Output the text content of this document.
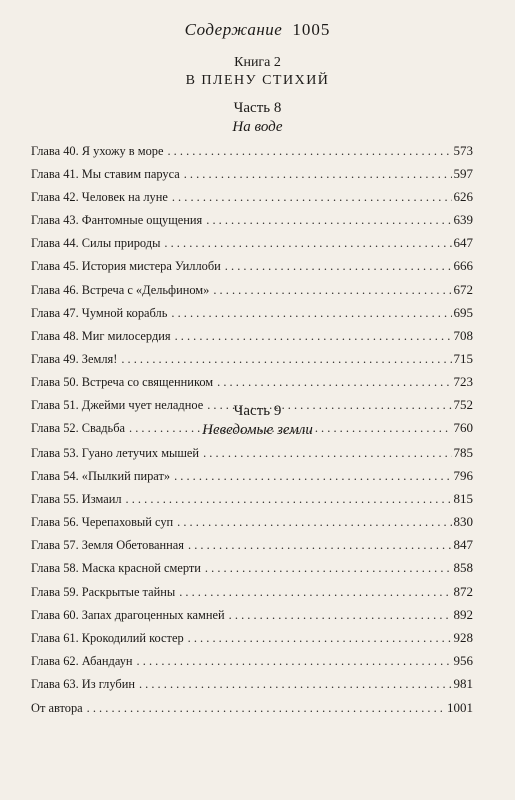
Содержание 1005
Книга 2
В ПЛЕНУ СТИХИЙ
Часть 8
На воде
Глава 40. Я ухожу в море . . .	573
Глава 41. Мы ставим паруса . . .	597
Глава 42. Человек на луне . . .	626
Глава 43. Фантомные ощущения . . .	639
Глава 44. Силы природы . . .	647
Глава 45. История мистера Уиллоби . . .	666
Глава 46. Встреча с «Дельфином» . . .	672
Глава 47. Чумной корабль . . .	695
Глава 48. Миг милосердия . . .	708
Глава 49. Земля! . . .	715
Глава 50. Встреча со священником . . .	723
Глава 51. Джейми чует неладное . . .	752
Глава 52. Свадьба . . .	760
Часть 9
Неведомые земли
Глава 53. Гуано летучих мышей . . .	785
Глава 54. «Пылкий пират» . . .	796
Глава 55. Измаил . . .	815
Глава 56. Черепаховый суп . . .	830
Глава 57. Земля Обетованная . . .	847
Глава 58. Маска красной смерти . . .	858
Глава 59. Раскрытые тайны . . .	872
Глава 60. Запах драгоценных камней . . .	892
Глава 61. Крокодилий костер . . .	928
Глава 62. Абандаун . . .	956
Глава 63. Из глубин . . .	981
От автора . . .	1001
